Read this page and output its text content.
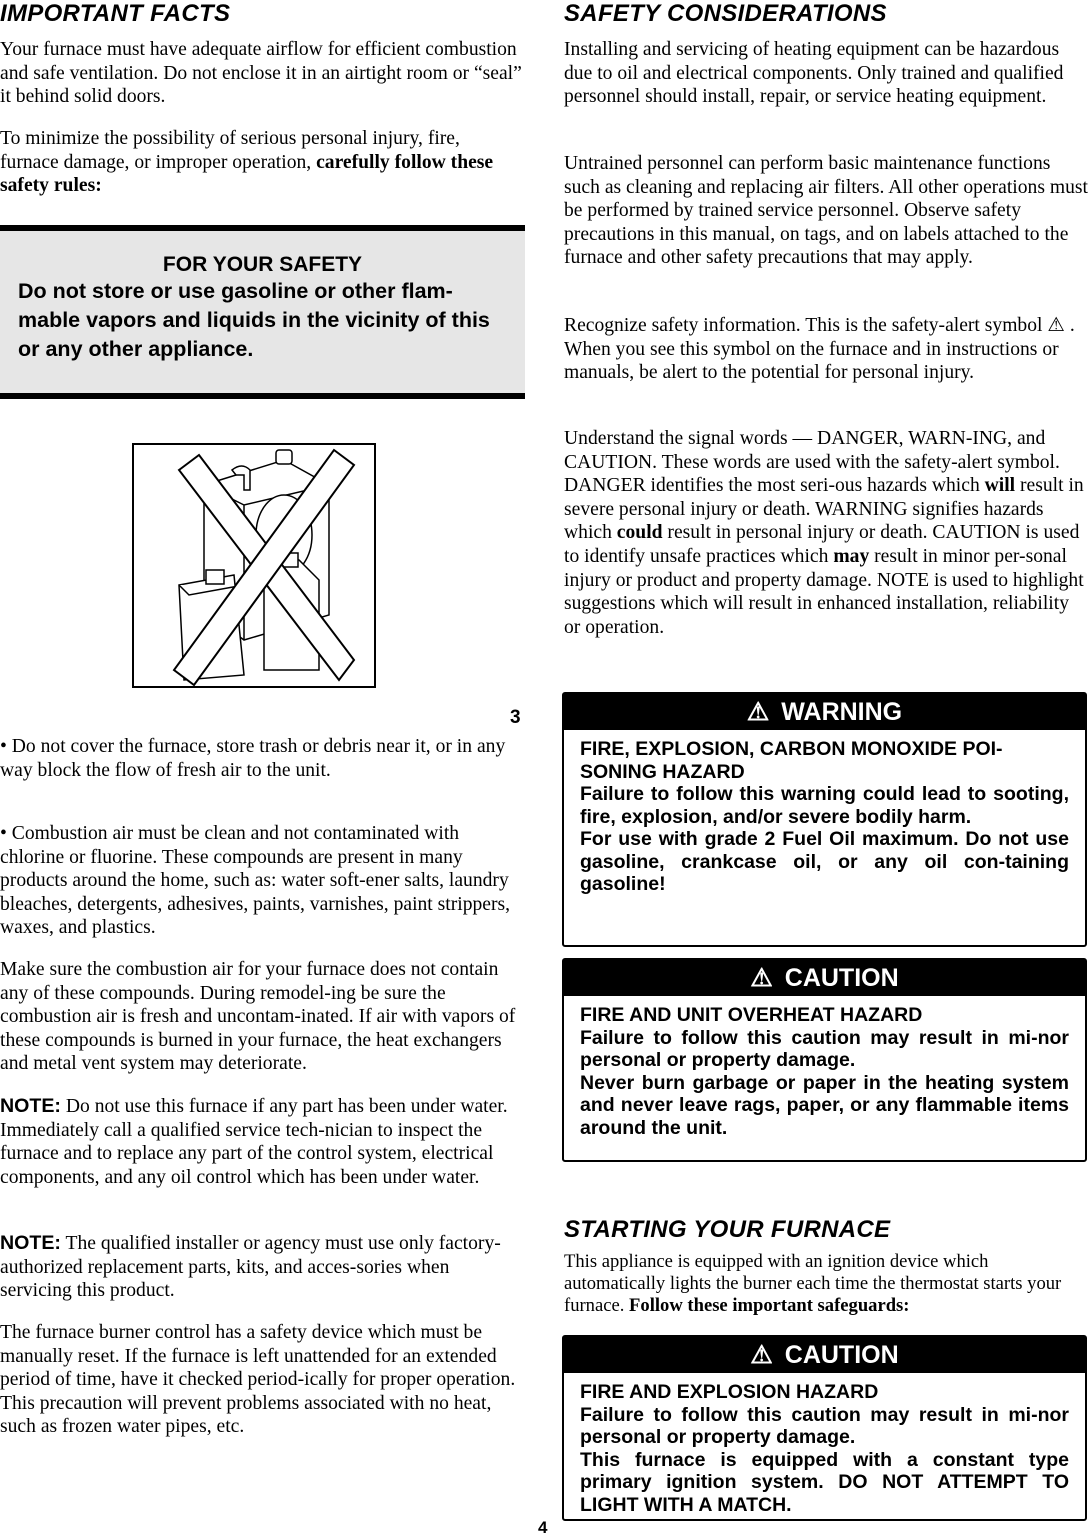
IMPORTANT FACTS

Your furnace must have adequate airflow for efficient combustion and safe ventilation. Do not enclose it in an airtight room or “seal” it behind solid doors.

To minimize the possibility of serious personal injury, fire, furnace damage, or improper operation, carefully follow these safety rules:

FOR YOUR SAFETY
Do not store or use gasoline or other flam-mable vapors and liquids in the vicinity of this or any other appliance.
3

• Do not cover the furnace, store trash or debris near it, or in any way block the flow of fresh air to the unit.

• Combustion air must be clean and not contaminated with chlorine or fluorine. These compounds are present in many products around the home, such as: water soft-ener salts, laundry bleaches, detergents, adhesives, paints, varnishes, paint strippers, waxes, and plastics.

Make sure the combustion air for your furnace does not contain any of these compounds. During remodel-ing be sure the combustion air is fresh and uncontam-inated. If air with vapors of these compounds is burned in your furnace, the heat exchangers and metal vent system may deteriorate.

NOTE: Do not use this furnace if any part has been under water. Immediately call a qualified service tech-nician to inspect the furnace and to replace any part of the control system, electrical components, and any oil control which has been under water.

NOTE: The qualified installer or agency must use only factory-authorized replacement parts, kits, and acces-sories when servicing this product.

The furnace burner control has a safety device which must be manually reset. If the furnace is left unattended for an extended period of time, have it checked period-ically for proper operation. This precaution will prevent problems associated with no heat, such as frozen water pipes, etc.

SAFETY CONSIDERATIONS

Installing and servicing of heating equipment can be hazardous due to oil and electrical components. Only trained and qualified personnel should install, repair, or service heating equipment.

Untrained personnel can perform basic maintenance functions such as cleaning and replacing air filters. All other operations must be performed by trained service personnel. Observe safety precautions in this manual, on tags, and on labels attached to the furnace and other safety precautions that may apply.

Recognize safety information. This is the safety-alert symbol ⚠ . When you see this symbol on the furnace and in instructions or manuals, be alert to the potential for personal injury.

Understand the signal words — DANGER, WARN-ING, and CAUTION. These words are used with the safety-alert symbol. DANGER identifies the most seri-ous hazards which will result in severe personal injury or death. WARNING signifies hazards which could result in personal injury or death. CAUTION is used to identify unsafe practices which may result in minor per-sonal injury or product and property damage. NOTE is used to highlight suggestions which will result in enhanced installation, reliability or operation.

⚠ WARNING
FIRE, EXPLOSION, CARBON MONOXIDE POI-SONING HAZARD
Failure to follow this warning could lead to sooting, fire, explosion, and/or severe bodily harm.
For use with grade 2 Fuel Oil maximum. Do not use gasoline, crankcase oil, or any oil con-taining gasoline!
⚠ CAUTION
FIRE AND UNIT OVERHEAT HAZARD
Failure to follow this caution may result in mi-nor personal or property damage.
Never burn garbage or paper in the heating system and never leave rags, paper, or any flammable items around the unit.
STARTING YOUR FURNACE

This appliance is equipped with an ignition device which automatically lights the burner each time the thermostat starts your furnace. Follow these important safeguards:

⚠ CAUTION
FIRE AND EXPLOSION HAZARD
Failure to follow this caution may result in mi-nor personal or property damage.
This furnace is equipped with a constant type primary ignition system. DO NOT ATTEMPT TO LIGHT WITH A MATCH.
4
